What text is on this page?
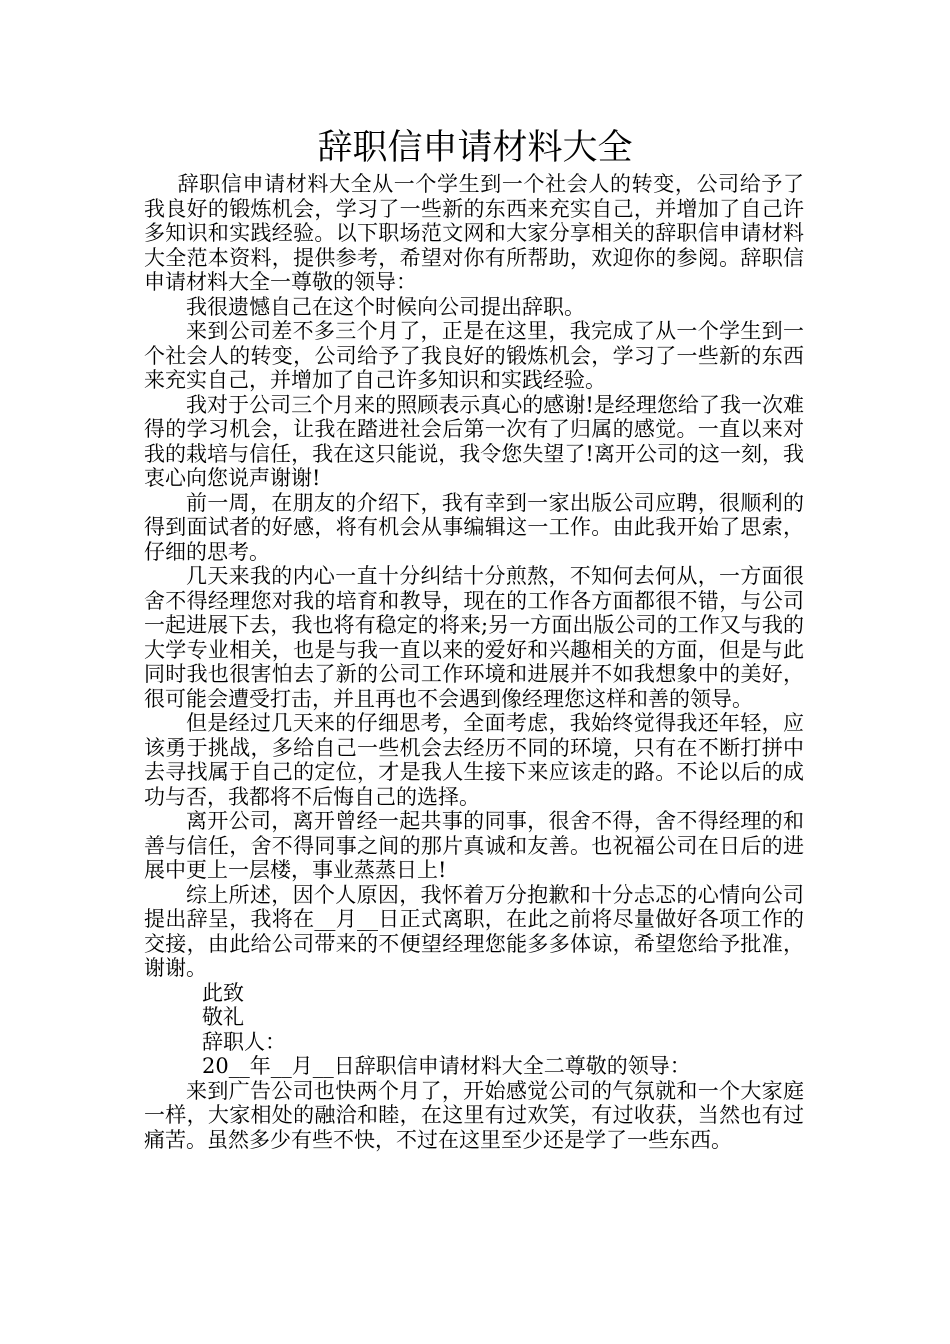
辞职信申请材料大全

辞职信申请材料大全从一个学生到一个社会人的转变，公司给予了我良好的锻炼机会，学习了一些新的东西来充实自己，并增加了自己许多知识和实践经验。以下职场范文网和大家分享相关的辞职信申请材料大全范本资料，提供参考，希望对你有所帮助，欢迎你的参阅。辞职信申请材料大全一尊敬的领导：

我很遗憾自己在这个时候向公司提出辞职。

来到公司差不多三个月了，正是在这里，我完成了从一个学生到一个社会人的转变，公司给予了我良好的锻炼机会，学习了一些新的东西来充实自己，并增加了自己许多知识和实践经验。

我对于公司三个月来的照顾表示真心的感谢!是经理您给了我一次难得的学习机会，让我在踏进社会后第一次有了归属的感觉。一直以来对我的栽培与信任，我在这只能说，我令您失望了!离开公司的这一刻，我衷心向您说声谢谢!

前一周，在朋友的介绍下，我有幸到一家出版公司应聘，很顺利的得到面试者的好感，将有机会从事编辑这一工作。由此我开始了思索，仔细的思考。

几天来我的内心一直十分纠结十分煎熬，不知何去何从，一方面很舍不得经理您对我的培育和教导，现在的工作各方面都很不错，与公司一起进展下去，我也将有稳定的将来;另一方面出版公司的工作又与我的大学专业相关，也是与我一直以来的爱好和兴趣相关的方面，但是与此同时我也很害怕去了新的公司工作环境和进展并不如我想象中的美好，很可能会遭受打击，并且再也不会遇到像经理您这样和善的领导。

但是经过几天来的仔细思考，全面考虑，我始终觉得我还年轻，应该勇于挑战，多给自己一些机会去经历不同的环境，只有在不断打拼中去寻找属于自己的定位，才是我人生接下来应该走的路。不论以后的成功与否，我都将不后悔自己的选择。

离开公司，离开曾经一起共事的同事，很舍不得，舍不得经理的和善与信任，舍不得同事之间的那片真诚和友善。也祝福公司在日后的进展中更上一层楼，事业蒸蒸日上!

综上所述，因个人原因，我怀着万分抱歉和十分忐忑的心情向公司提出辞呈，我将在__月__日正式离职，在此之前将尽量做好各项工作的交接，由此给公司带来的不便望经理您能多多体谅，希望您给予批准，谢谢。

此致

敬礼

辞职人：

20__年__月__日辞职信申请材料大全二尊敬的领导：

来到广告公司也快两个月了，开始感觉公司的气氛就和一个大家庭一样，大家相处的融洽和睦，在这里有过欢笑，有过收获，当然也有过痛苦。虽然多少有些不快，不过在这里至少还是学了一些东西。
